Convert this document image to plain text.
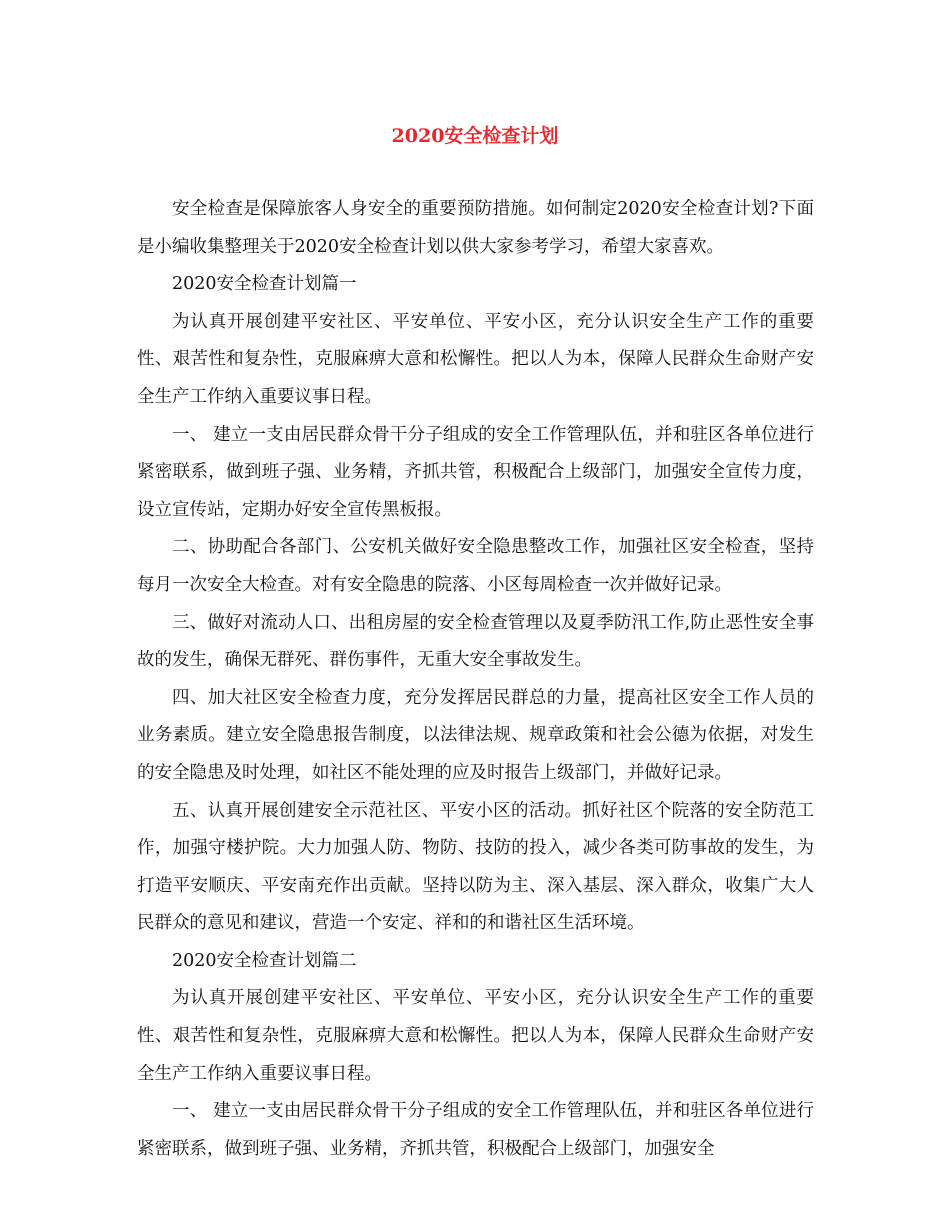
2020安全检查计划

安全检查是保障旅客人身安全的重要预防措施。如何制定2020安全检查计划?下面是小编收集整理关于2020安全检查计划以供大家参考学习，希望大家喜欢。

2020安全检查计划篇一

为认真开展创建平安社区、平安单位、平安小区，充分认识安全生产工作的重要性、艰苦性和复杂性，克服麻痹大意和松懈性。把以人为本，保障人民群众生命财产安全生产工作纳入重要议事日程。

一、 建立一支由居民群众骨干分子组成的安全工作管理队伍，并和驻区各单位进行紧密联系，做到班子强、业务精，齐抓共管，积极配合上级部门，加强安全宣传力度，设立宣传站，定期办好安全宣传黑板报。

二、协助配合各部门、公安机关做好安全隐患整改工作，加强社区安全检查，坚持每月一次安全大检查。对有安全隐患的院落、小区每周检查一次并做好记录。

三、做好对流动人口、出租房屋的安全检查管理以及夏季防汛工作,防止恶性安全事故的发生，确保无群死、群伤事件，无重大安全事故发生。

四、加大社区安全检查力度，充分发挥居民群总的力量，提高社区安全工作人员的业务素质。建立安全隐患报告制度，以法律法规、规章政策和社会公德为依据，对发生的安全隐患及时处理，如社区不能处理的应及时报告上级部门，并做好记录。

五、认真开展创建安全示范社区、平安小区的活动。抓好社区个院落的安全防范工作，加强守楼护院。大力加强人防、物防、技防的投入，减少各类可防事故的发生，为打造平安顺庆、平安南充作出贡献。坚持以防为主、深入基层、深入群众，收集广大人民群众的意见和建议，营造一个安定、祥和的和谐社区生活环境。

2020安全检查计划篇二

为认真开展创建平安社区、平安单位、平安小区，充分认识安全生产工作的重要性、艰苦性和复杂性，克服麻痹大意和松懈性。把以人为本，保障人民群众生命财产安全生产工作纳入重要议事日程。

一、 建立一支由居民群众骨干分子组成的安全工作管理队伍，并和驻区各单位进行紧密联系，做到班子强、业务精，齐抓共管，积极配合上级部门，加强安全
